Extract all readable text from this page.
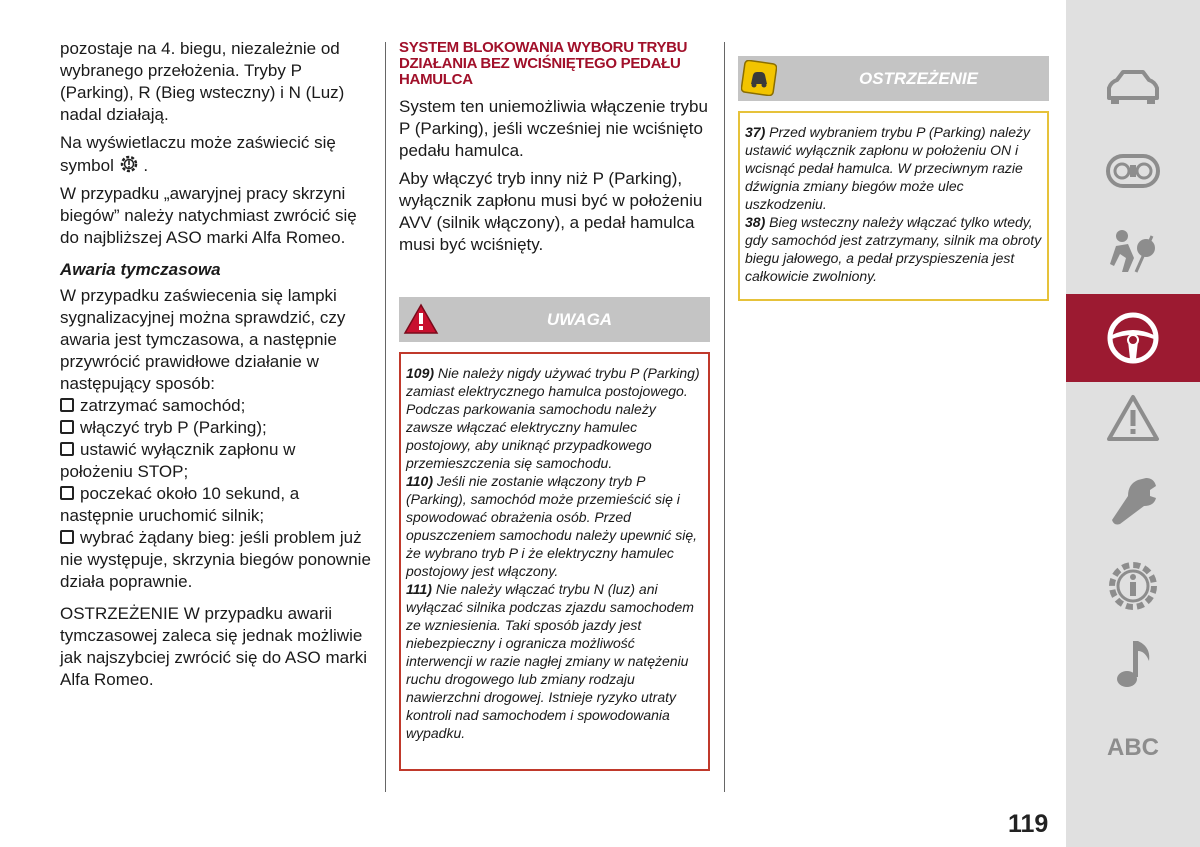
pozostaje na 4. biegu, niezależnie od wybranego przełożenia. Tryby P (Parking), R (Bieg wsteczny) i N (Luz) nadal działają.

Na wyświetlaczu może zaświecić się symbol  .

W przypadku „awaryjnej pracy skrzyni biegów” należy natychmiast zwrócić się do najbliższej ASO marki Alfa Romeo.

Awaria tymczasowa

W przypadku zaświecenia się lampki sygnalizacyjnej można sprawdzić, czy awaria jest tymczasowa, a następnie przywrócić prawidłowe działanie w następujący sposób:

zatrzymać samochód;
włączyć tryb P (Parking);
ustawić wyłącznik zapłonu w położeniu STOP;
poczekać około 10 sekund, a następnie uruchomić silnik;
wybrać żądany bieg: jeśli problem już nie występuje, skrzynia biegów ponownie działa poprawnie.

OSTRZEŻENIE W przypadku awarii tymczasowej zaleca się jednak możliwie jak najszybciej zwrócić się do ASO marki Alfa Romeo.

SYSTEM BLOKOWANIA WYBORU TRYBU DZIAŁANIA BEZ WCIŚNIĘTEGO PEDAŁU HAMULCA

System ten uniemożliwia włączenie trybu P (Parking), jeśli wcześniej nie wciśnięto pedału hamulca.

Aby włączyć tryb inny niż P (Parking), wyłącznik zapłonu musi być w położeniu AVV (silnik włączony), a pedał hamulca musi być wciśnięty.

UWAGA
109) Nie należy nigdy używać trybu P (Parking) zamiast elektrycznego hamulca postojowego. Podczas parkowania samochodu należy zawsze włączać elektryczny hamulec postojowy, aby uniknąć przypadkowego przemieszczenia się samochodu.
110) Jeśli nie zostanie włączony tryb P (Parking), samochód może przemieścić się i spowodować obrażenia osób. Przed opuszczeniem samochodu należy upewnić się, że wybrano tryb P i że elektryczny hamulec postojowy jest włączony.
111) Nie należy włączać trybu N (luz) ani wyłączać silnika podczas zjazdu samochodem ze wzniesienia. Taki sposób jazdy jest niebezpieczny i ogranicza możliwość interwencji w razie nagłej zmiany w natężeniu ruchu drogowego lub zmiany rodzaju nawierzchni drogowej. Istnieje ryzyko utraty kontroli nad samochodem i spowodowania wypadku.
OSTRZEŻENIE
37) Przed wybraniem trybu P (Parking) należy ustawić wyłącznik zapłonu w położeniu ON i wcisnąć pedał hamulca. W przeciwnym razie dźwignia zmiany biegów może ulec uszkodzeniu.
38) Bieg wsteczny należy włączać tylko wtedy, gdy samochód jest zatrzymany, silnik ma obroty biegu jałowego, a pedał przyspieszenia jest całkowicie zwolniony.
ABC
119
